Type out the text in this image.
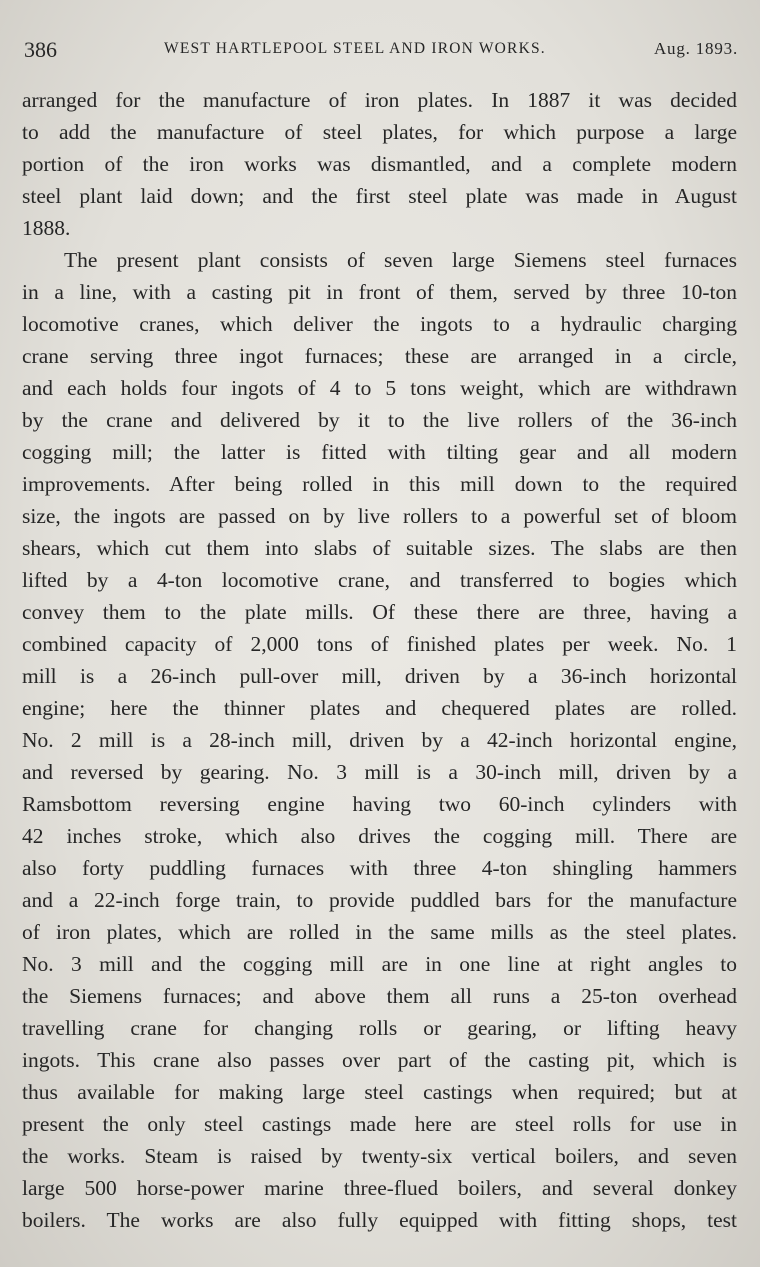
386	WEST HARTLEPOOL STEEL AND IRON WORKS.	Aug. 1893.
arranged for the manufacture of iron plates. In 1887 it was decided
to add the manufacture of steel plates, for which purpose a large
portion of the iron works was dismantled, and a complete modern
steel plant laid down; and the first steel plate was made in August
1888.
The present plant consists of seven large Siemens steel furnaces
in a line, with a casting pit in front of them, served by three 10-ton
locomotive cranes, which deliver the ingots to a hydraulic charging
crane serving three ingot furnaces; these are arranged in a circle,
and each holds four ingots of 4 to 5 tons weight, which are withdrawn
by the crane and delivered by it to the live rollers of the 36-inch
cogging mill; the latter is fitted with tilting gear and all modern
improvements. After being rolled in this mill down to the required
size, the ingots are passed on by live rollers to a powerful set of bloom
shears, which cut them into slabs of suitable sizes. The slabs are then
lifted by a 4-ton locomotive crane, and transferred to bogies which
convey them to the plate mills. Of these there are three, having a
combined capacity of 2,000 tons of finished plates per week. No. 1
mill is a 26-inch pull-over mill, driven by a 36-inch horizontal
engine; here the thinner plates and chequered plates are rolled.
No. 2 mill is a 28-inch mill, driven by a 42-inch horizontal engine,
and reversed by gearing. No. 3 mill is a 30-inch mill, driven by a
Ramsbottom reversing engine having two 60-inch cylinders with
42 inches stroke, which also drives the cogging mill. There are
also forty puddling furnaces with three 4-ton shingling hammers
and a 22-inch forge train, to provide puddled bars for the manufacture
of iron plates, which are rolled in the same mills as the steel plates.
No. 3 mill and the cogging mill are in one line at right angles to
the Siemens furnaces; and above them all runs a 25-ton overhead
travelling crane for changing rolls or gearing, or lifting heavy
ingots. This crane also passes over part of the casting pit, which is
thus available for making large steel castings when required; but at
present the only steel castings made here are steel rolls for use in
the works. Steam is raised by twenty-six vertical boilers, and seven
large 500 horse-power marine three-flued boilers, and several donkey
boilers. The works are also fully equipped with fitting shops, test
